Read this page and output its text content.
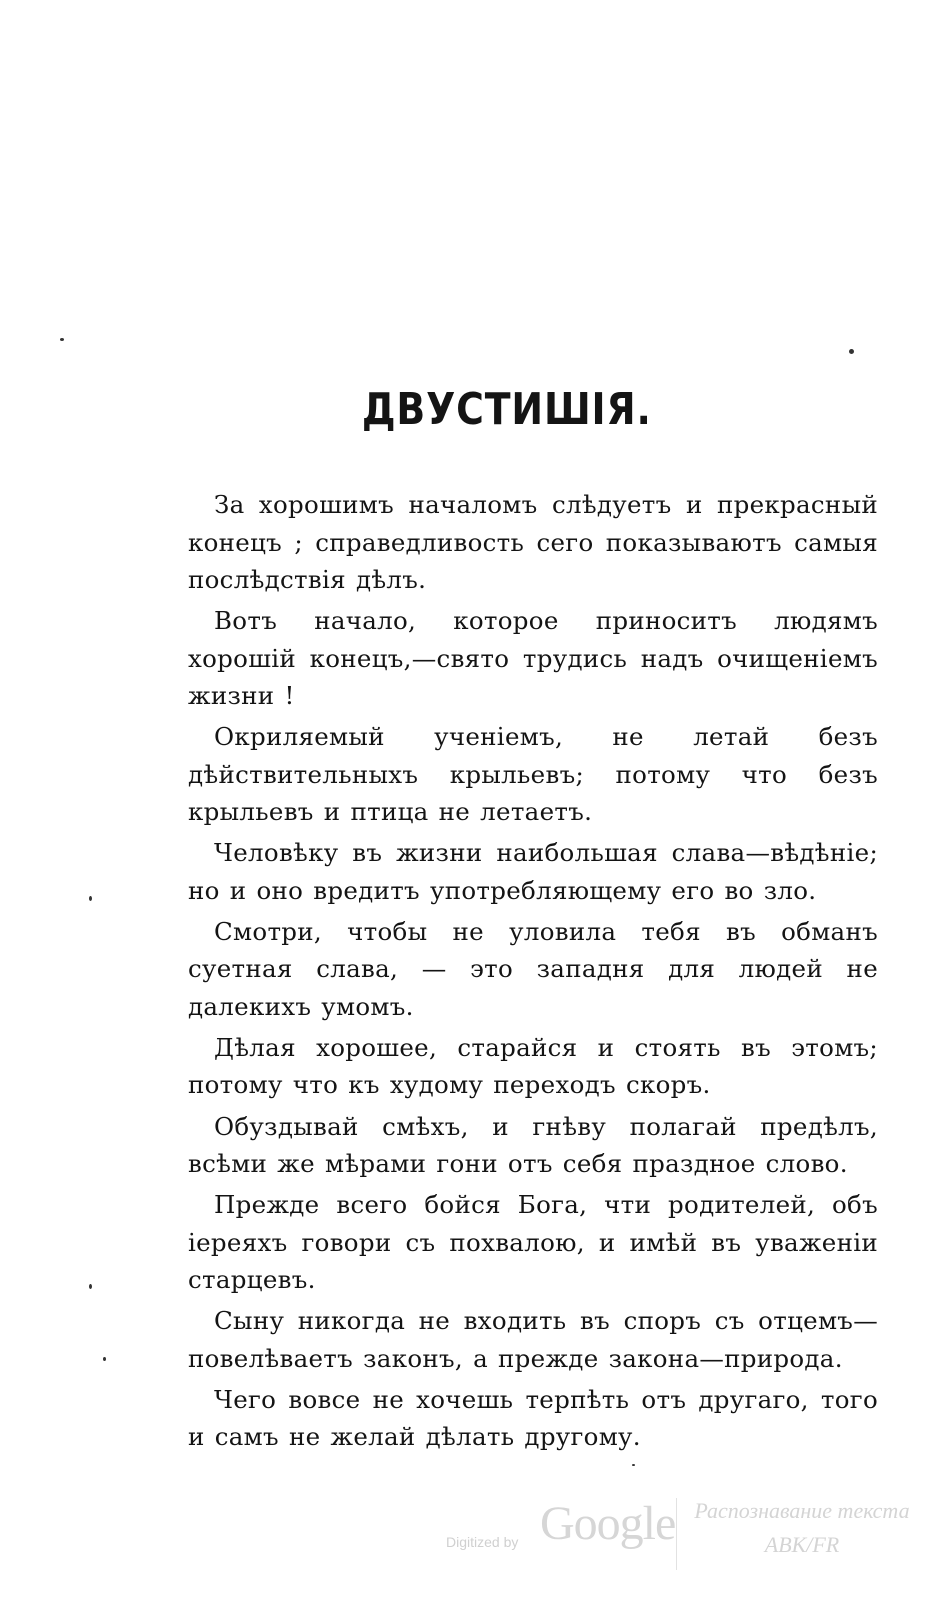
ДВУСТИШІЯ.

За хорошимъ началомъ слѣдуетъ и прекрасный конецъ ; справедливость сего показываютъ самыя послѣдствія дѣлъ.

Вотъ начало, которое приноситъ людямъ хорошій конецъ,—свято трудись надъ очищеніемъ жизни !

Окриляемый ученіемъ, не летай безъ дѣйствительныхъ крыльевъ; потому что безъ крыльевъ и птица не летаетъ.

Человѣку въ жизни наибольшая слава—вѣдѣніе; но и оно вредитъ употребляющему его во зло.

Смотри, чтобы не уловила тебя въ обманъ суетная слава, — это западня для людей не далекихъ умомъ.

Дѣлая хорошее, старайся и стоять въ этомъ; потому что къ худому переходъ скоръ.

Обуздывай смѣхъ, и гнѣву полагай предѣлъ, всѣми же мѣрами гони отъ себя праздное слово.

Прежде всего бойся Бога, чти родителей, объ іереяхъ говори съ похвалою, и имѣй въ уваженіи старцевъ.

Сыну никогда не входить въ споръ съ отцемъ—повелѣваетъ законъ, а прежде закона—природа.

Чего вовсе не хочешь терпѣть отъ другаго, того и самъ не желай дѣлать другому.

Digitized by Google Распознавание текста
АВК/FR
